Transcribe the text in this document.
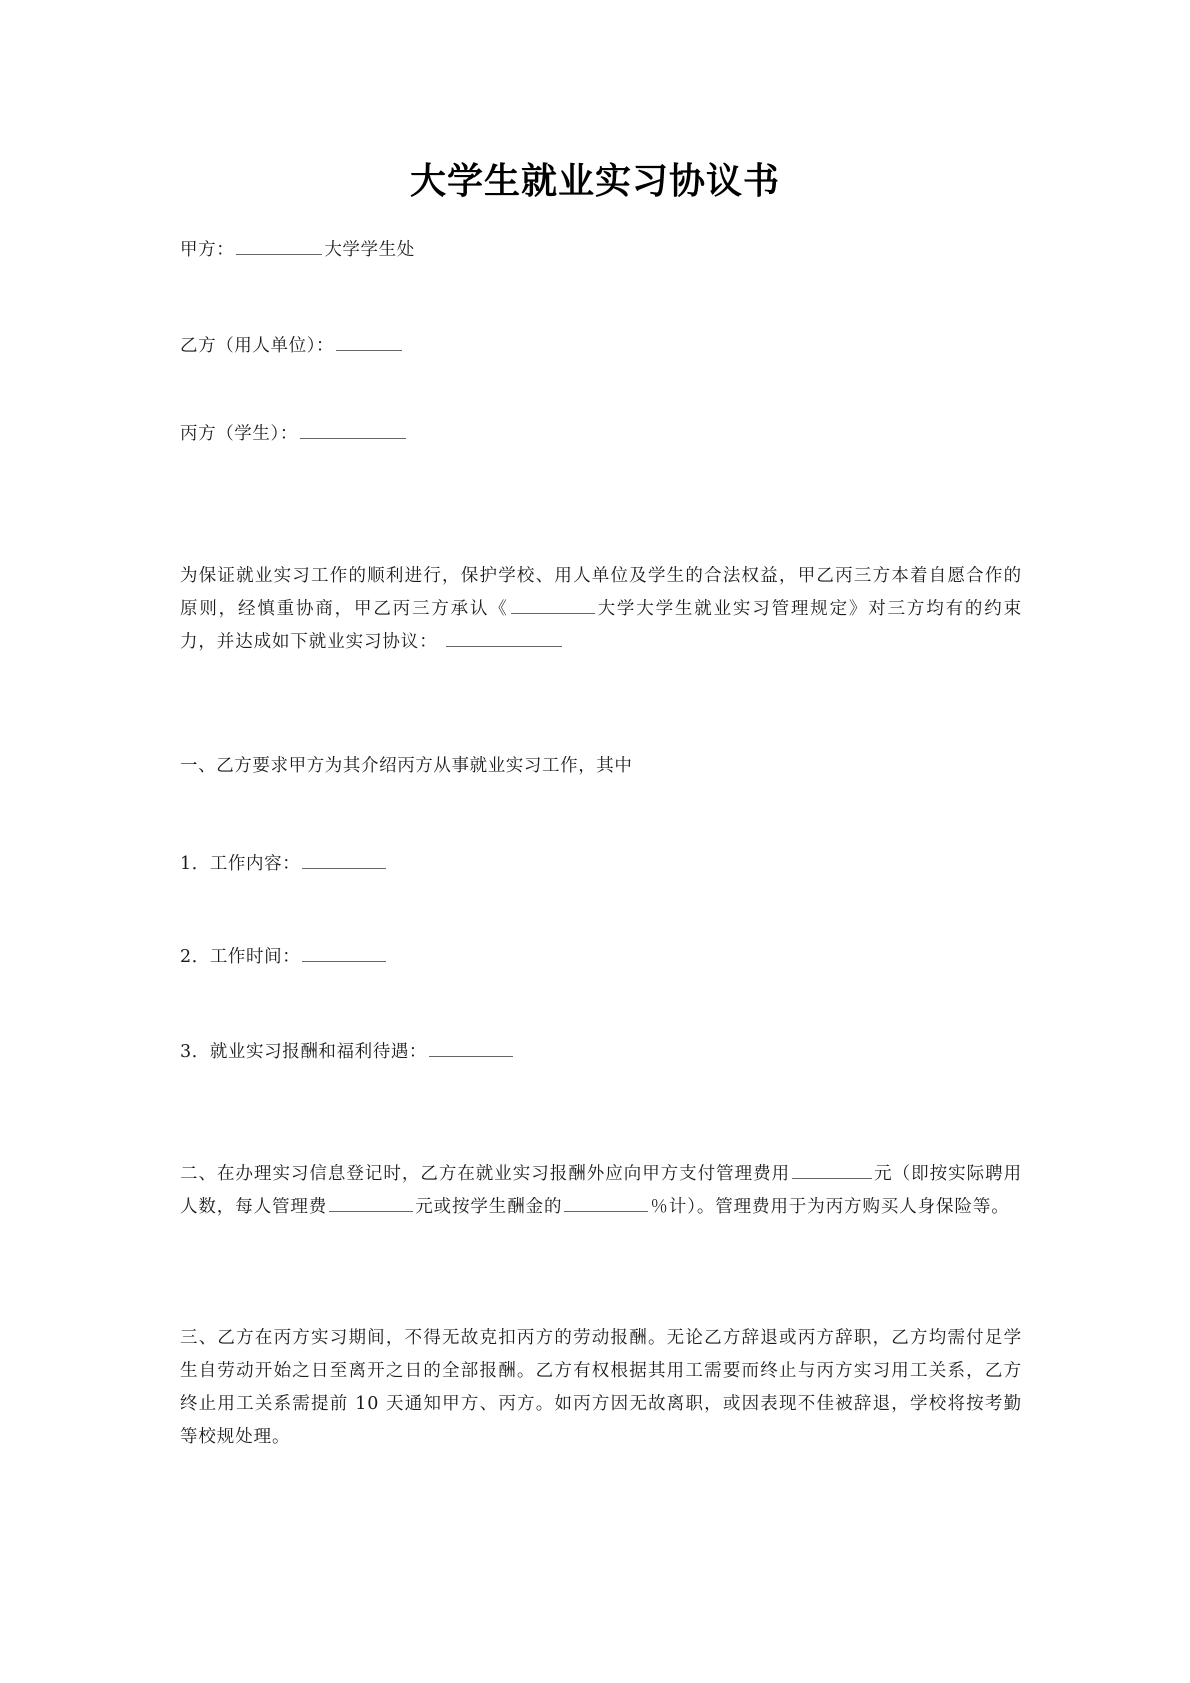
大学生就业实习协议书
甲方：	大学学生处
乙方（用人单位）：
丙方（学生）：
为保证就业实习工作的顺利进行，保护学校、用人单位及学生的合法权益，甲乙丙三方本着自愿合作的原则，经慎重协商，甲乙丙三方承认《	大学大学生就业实习管理规定》对三方均有的约束力，并达成如下就业实习协议：
一、乙方要求甲方为其介绍丙方从事就业实习工作，其中
1．工作内容：
2．工作时间：
3．就业实习报酬和福利待遇：
二、在办理实习信息登记时，乙方在就业实习报酬外应向甲方支付管理费用	元（即按实际聘用人数，每人管理费	元或按学生酬金的	％计）。管理费用于为丙方购买人身保险等。
三、乙方在丙方实习期间，不得无故克扣丙方的劳动报酬。无论乙方辞退或丙方辞职，乙方均需付足学生自劳动开始之日至离开之日的全部报酬。乙方有权根据其用工需要而终止与丙方实习用工关系，乙方终止用工关系需提前 10 天通知甲方、丙方。如丙方因无故离职，或因表现不佳被辞退，学校将按考勤等校规处理。
